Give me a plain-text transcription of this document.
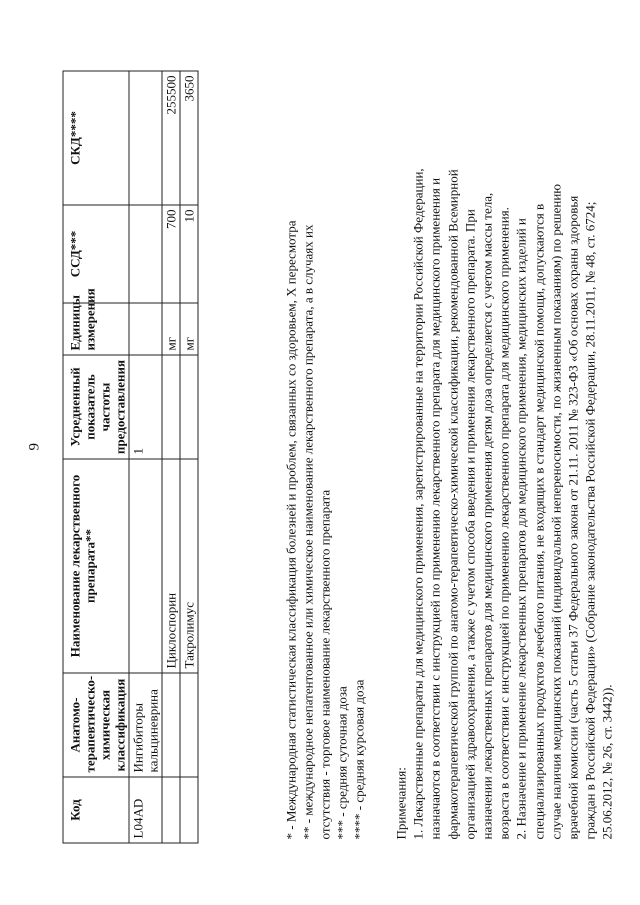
9
Код	Анатомо-терапевтическо-химическая классификация	Наименование лекарственного препарата**	Усредненный показатель частоты предоставления	Единицы измерения	ССД***	СКД****
L04AD	Ингибиторы кальциневрина		1			
		Циклоспорин		мг	700	255500
		Такролимус		мг	10	3650
* - Международная статистическая классификация болезней и проблем, связанных со здоровьем, X пересмотра ** - международное непатентованное или химическое наименование лекарственного препарата, а в случаях их отсутствия - торговое наименование лекарственного препарата *** - средняя суточная доза **** - средняя курсовая доза Примечания: 1. Лекарственные препараты для медицинского применения, зарегистрированные на территории Российской Федерации, назначаются в соответствии с инструкцией по применению лекарственного препарата для медицинского применения и фармакотерапевтической группой по анатомо-терапевтическо-химической классификации, рекомендованной Всемирной организацией здравоохранения, а также с учетом способа введения и применения лекарственного препарата. При назначении лекарственных препаратов для медицинского применения детям доза определяется с учетом массы тела, возраста в соответствии с инструкцией по применению лекарственного препарата для медицинского применения. 2. Назначение и применение лекарственных препаратов для медицинского применения, медицинских изделий и специализированных продуктов лечебного питания, не входящих в стандарт медицинской помощи, допускаются в случае наличия медицинских показаний (индивидуальной непереносимости, по жизненным показаниям) по решению врачебной комиссии (часть 5 статьи 37 Федерального закона от 21.11. 2011 № 323-ФЗ «Об основах охраны здоровья граждан в Российской Федерации» (Собрание законодательства Российской Федерации, 28.11.2011, № 48, ст. 6724; 25.06.2012, № 26, ст. 3442)).
